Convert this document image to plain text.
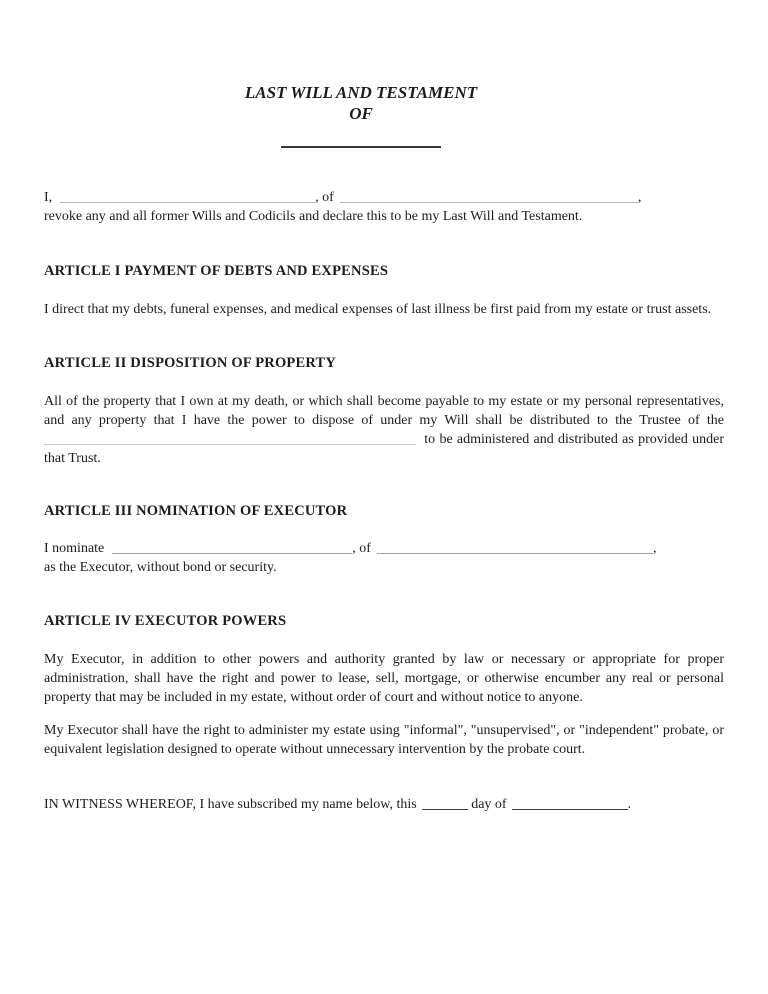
LAST WILL AND TESTAMENT
OF
I,	, of	,
revoke any and all former Wills and Codicils and declare this to be my Last Will and Testament.
ARTICLE I PAYMENT OF DEBTS AND EXPENSES

I direct that my debts, funeral expenses, and medical expenses of last illness be first paid from my estate or trust assets.

ARTICLE II DISPOSITION OF PROPERTY

All of the property that I own at my death, or which shall become payable to my estate or my personal representatives, and any property that I have the power to dispose of under my Will shall be distributed to the Trustee of the  to be administered and distributed as provided under that Trust.

ARTICLE III NOMINATION OF EXECUTOR
I nominate	, of	,
as the Executor, without bond or security.
ARTICLE IV EXECUTOR POWERS

My Executor, in addition to other powers and authority granted by law or necessary or appropriate for proper administration, shall have the right and power to lease, sell, mortgage, or otherwise encumber any real or personal property that may be included in my estate, without order of court and without notice to anyone.

My Executor shall have the right to administer my estate using "informal", "unsupervised", or "independent" probate, or equivalent legislation designed to operate without unnecessary intervention by the probate court.

IN WITNESS WHEREOF, I have subscribed my name below, this	day of	.
